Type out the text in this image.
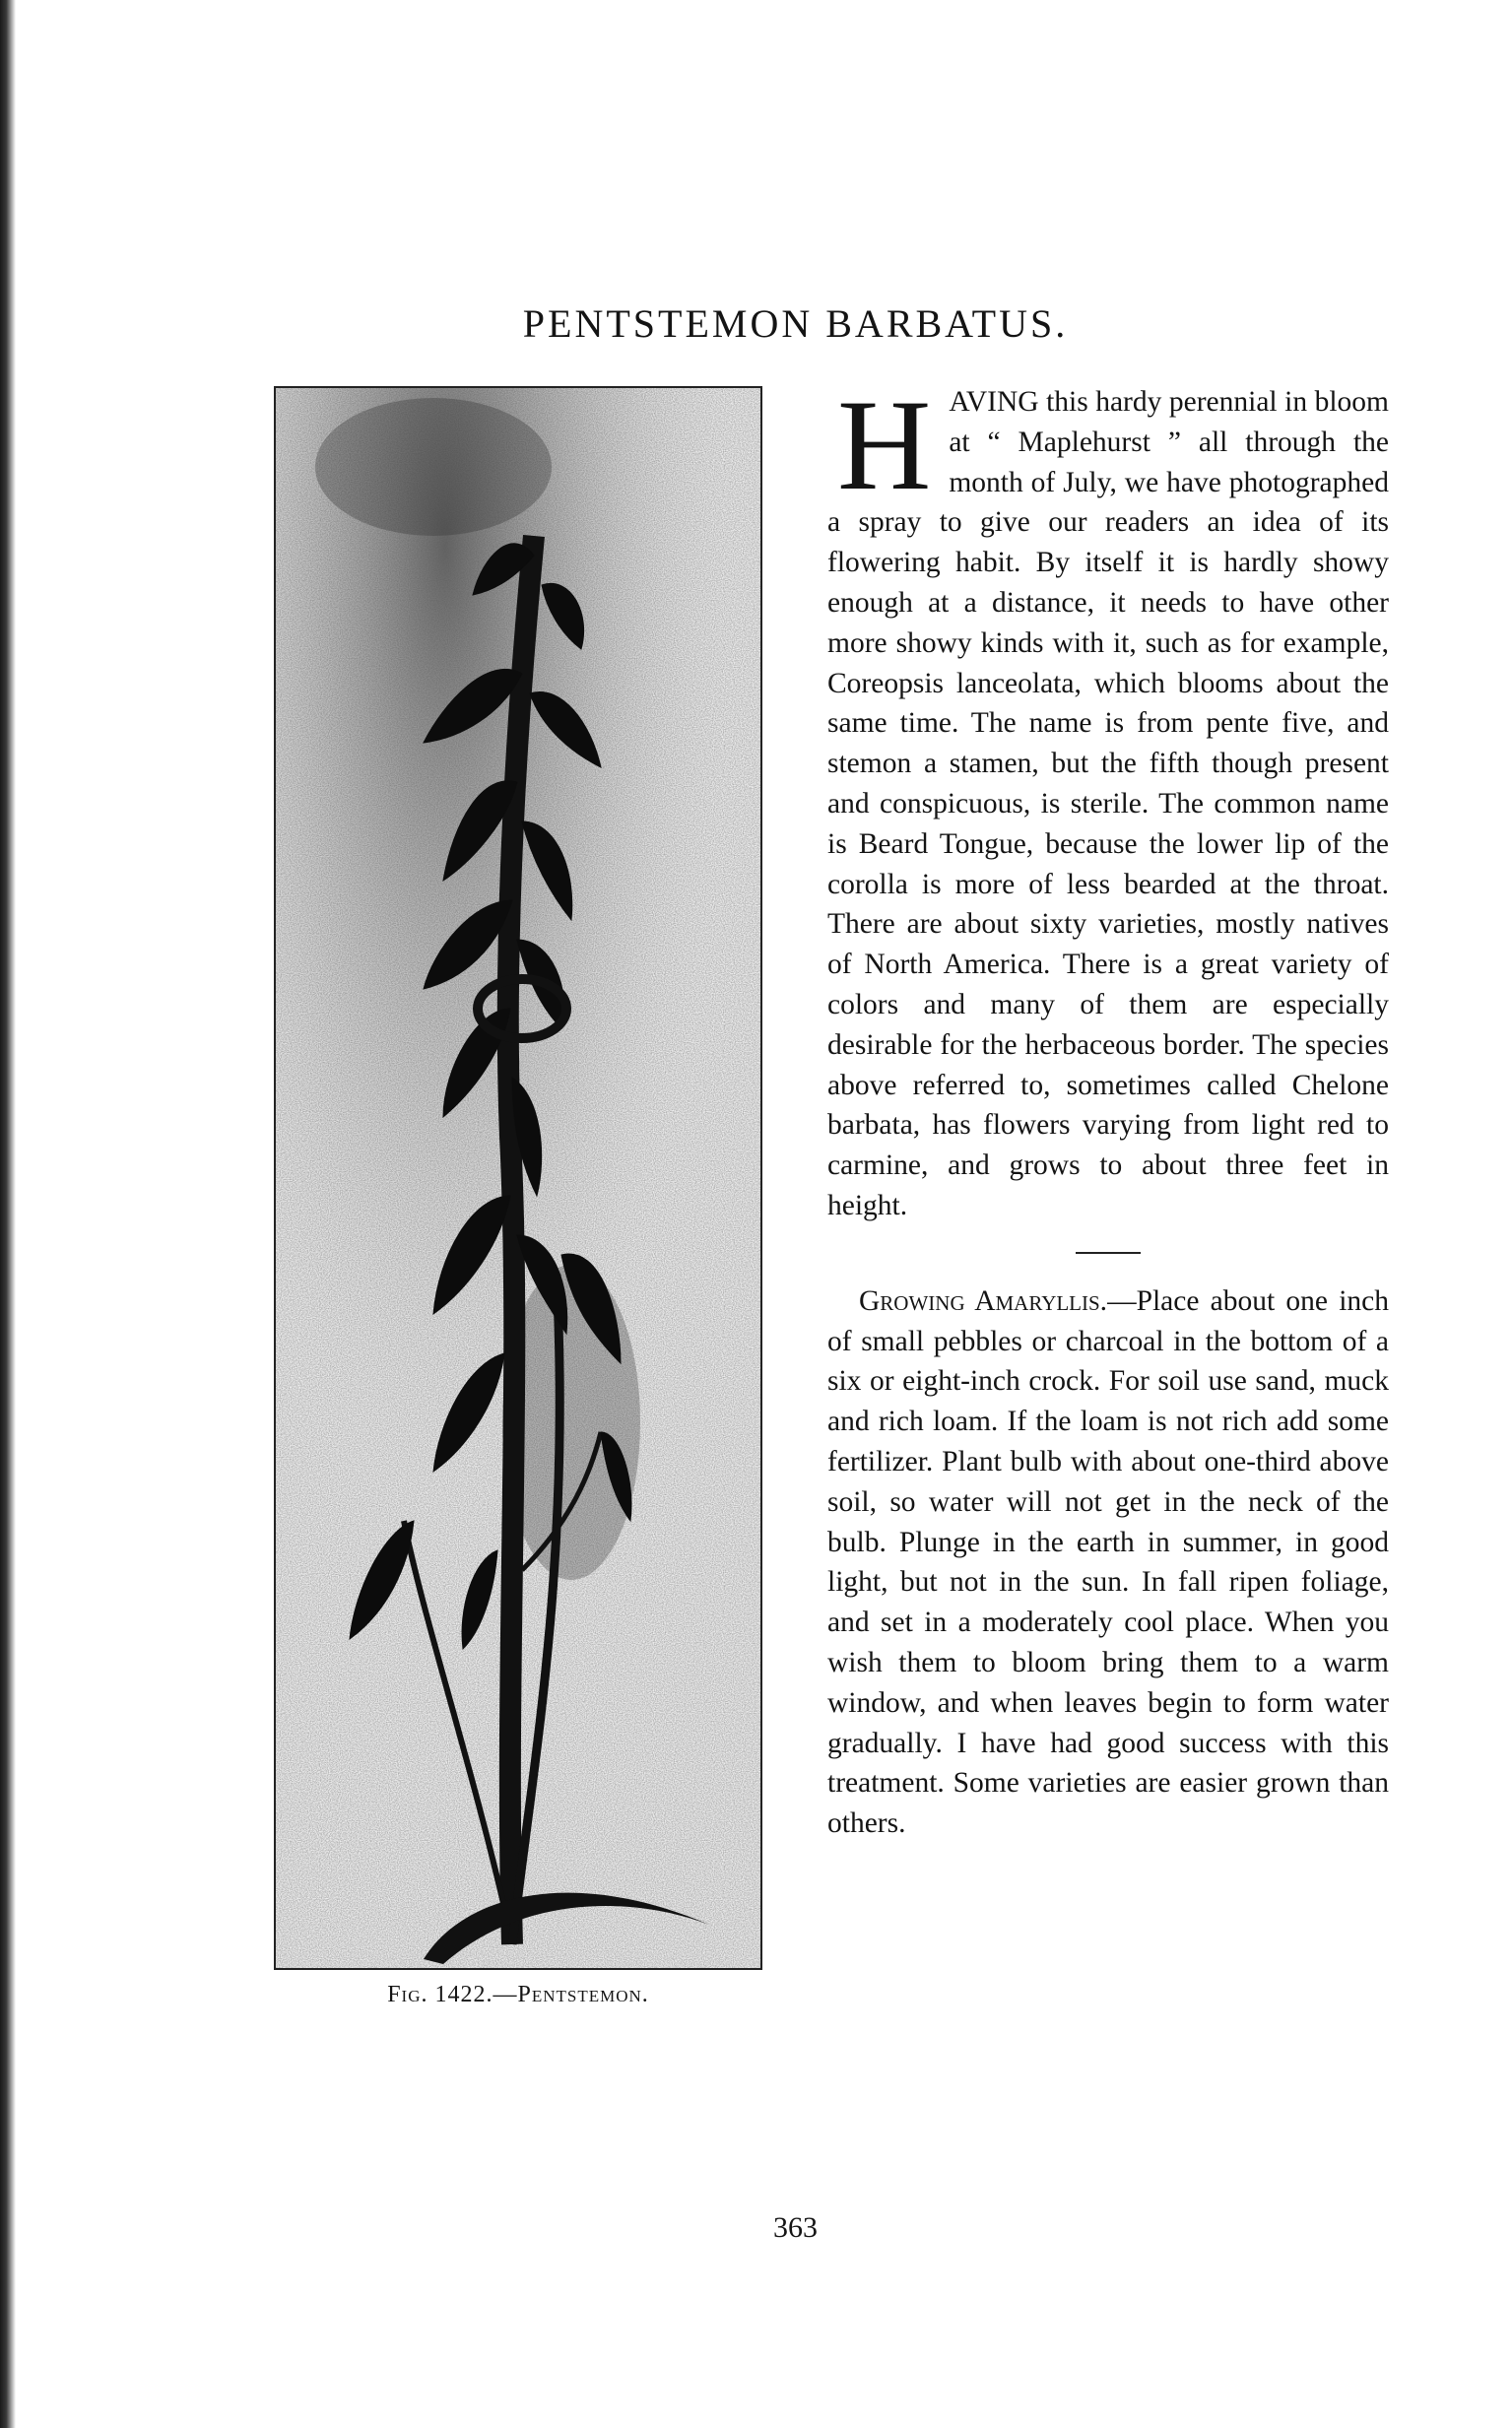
PENTSTEMON BARBATUS.
Fig. 1422.—Pentstemon.

HAVING this hardy perennial in bloom at “ Maplehurst ” all through the month of July, we have photographed a spray to give our readers an idea of its flowering habit. By itself it is hardly showy enough at a distance, it needs to have other more showy kinds with it, such as for example, Coreopsis lanceolata, which blooms about the same time. The name is from pente five, and stemon a stamen, but the fifth though present and conspicuous, is sterile. The common name is Beard Tongue, because the lower lip of the corolla is more of less bearded at the throat. There are about sixty varieties, mostly natives of North America. There is a great variety of colors and many of them are especially desirable for the herbaceous border. The species above referred to, sometimes called Chelone barbata, has flowers varying from light red to carmine, and grows to about three feet in height.

Growing Amaryllis.—Place about one inch of small pebbles or charcoal in the bottom of a six or eight-inch crock. For soil use sand, muck and rich loam. If the loam is not rich add some fertilizer. Plant bulb with about one-third above soil, so water will not get in the neck of the bulb. Plunge in the earth in summer, in good light, but not in the sun. In fall ripen foliage, and set in a moderately cool place. When you wish them to bloom bring them to a warm window, and when leaves begin to form water gradually. I have had good success with this treatment. Some varieties are easier grown than others.

363
